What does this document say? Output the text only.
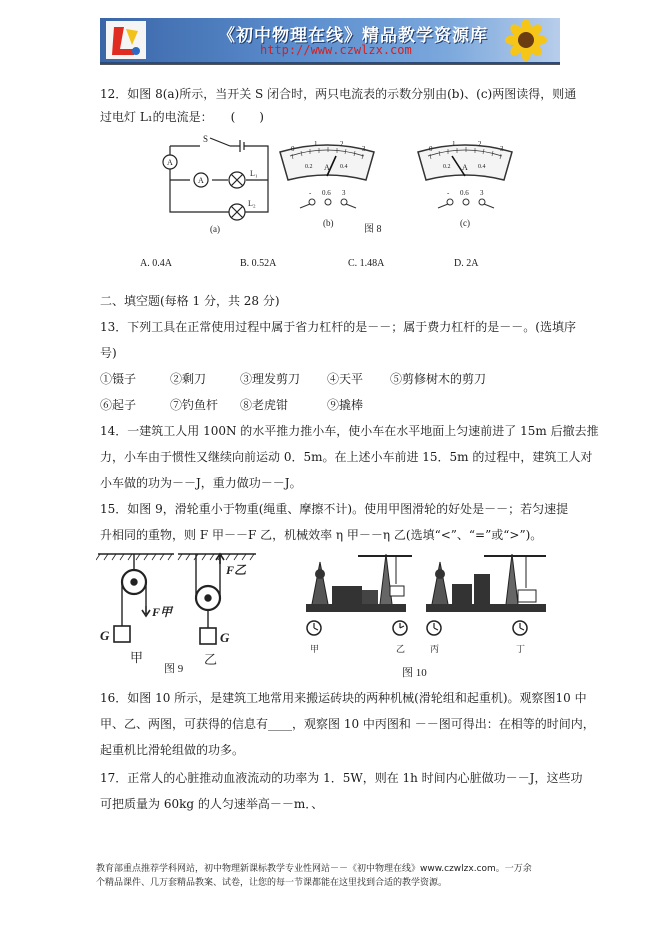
《初中物理在线》精品教学资源库
http://www.czwlzx.com
12．如图 8(a)所示，当开关 S 闭合时，两只电流表的示数分别由(b)、(c)两图读得，则通
过电灯 L₁的电流是：　　(　　)
S
A
A
L₁
L₂
(a)
0
1	2
3
0.2	0.4
A
- 0.6 3
(b)
图 8
0
1	2
3
0.2	0.4
A
- 0.6 3
(c)
A. 0.4A	B. 0.52A	C. 1.48A	D. 2A
二、填空题(每格 1 分，共 28 分)
13．下列工具在正常使用过程中属于省力杠杆的是－－；属于费力杠杆的是－－。(选填序
号)
①镊子	②剩刀	③理发剪刀 ④天平 ⑤剪修树木的剪刀
⑥起子	⑦钓鱼杆 ⑧老虎钳	⑨撬棒
14．一建筑工人用 100N 的水平推力推小车，使小车在水平地面上匀速前进了 15m 后撤去推
力，小车由于惯性又继续向前运动 0．5m。在上述小车前进 15．5m 的过程中，建筑工人对
小车做的功为－－J，重力做功－－J。
15．如图 9，滑轮重小于物重(绳重、摩擦不计)。使用甲图滑轮的好处是－－；若匀速提
升相同的重物，则 F 甲－－F 乙，机械效率 η 甲－－η 乙(选填“<”、“=”或“>”)。
F甲
G
甲
F乙
G
乙
图 9
甲	乙	丙	丁
图 10
16．如图 10 所示，是建筑工地常用来搬运砖块的两种机械(滑轮组和起重机)。观察图10 中
甲、乙、两图，可获得的信息有____，观察图 10 中丙图和 －－图可得出：在相等的时间内，
起重机比滑轮组做的功多。
17．正常人的心脏推动血液流动的功率为 1．5W，则在 1h 时间内心脏做功－－J，这些功
可把质量为 60kg 的人匀速举高－－m．、
教育部重点推荐学科网站，初中物理新课标教学专业性网站－－《初中物理在线》www.czwlzx.com。一万余
个精品课件、几万套精品教案、试卷，让您的每一节课都能在这里找到合适的教学资源。
